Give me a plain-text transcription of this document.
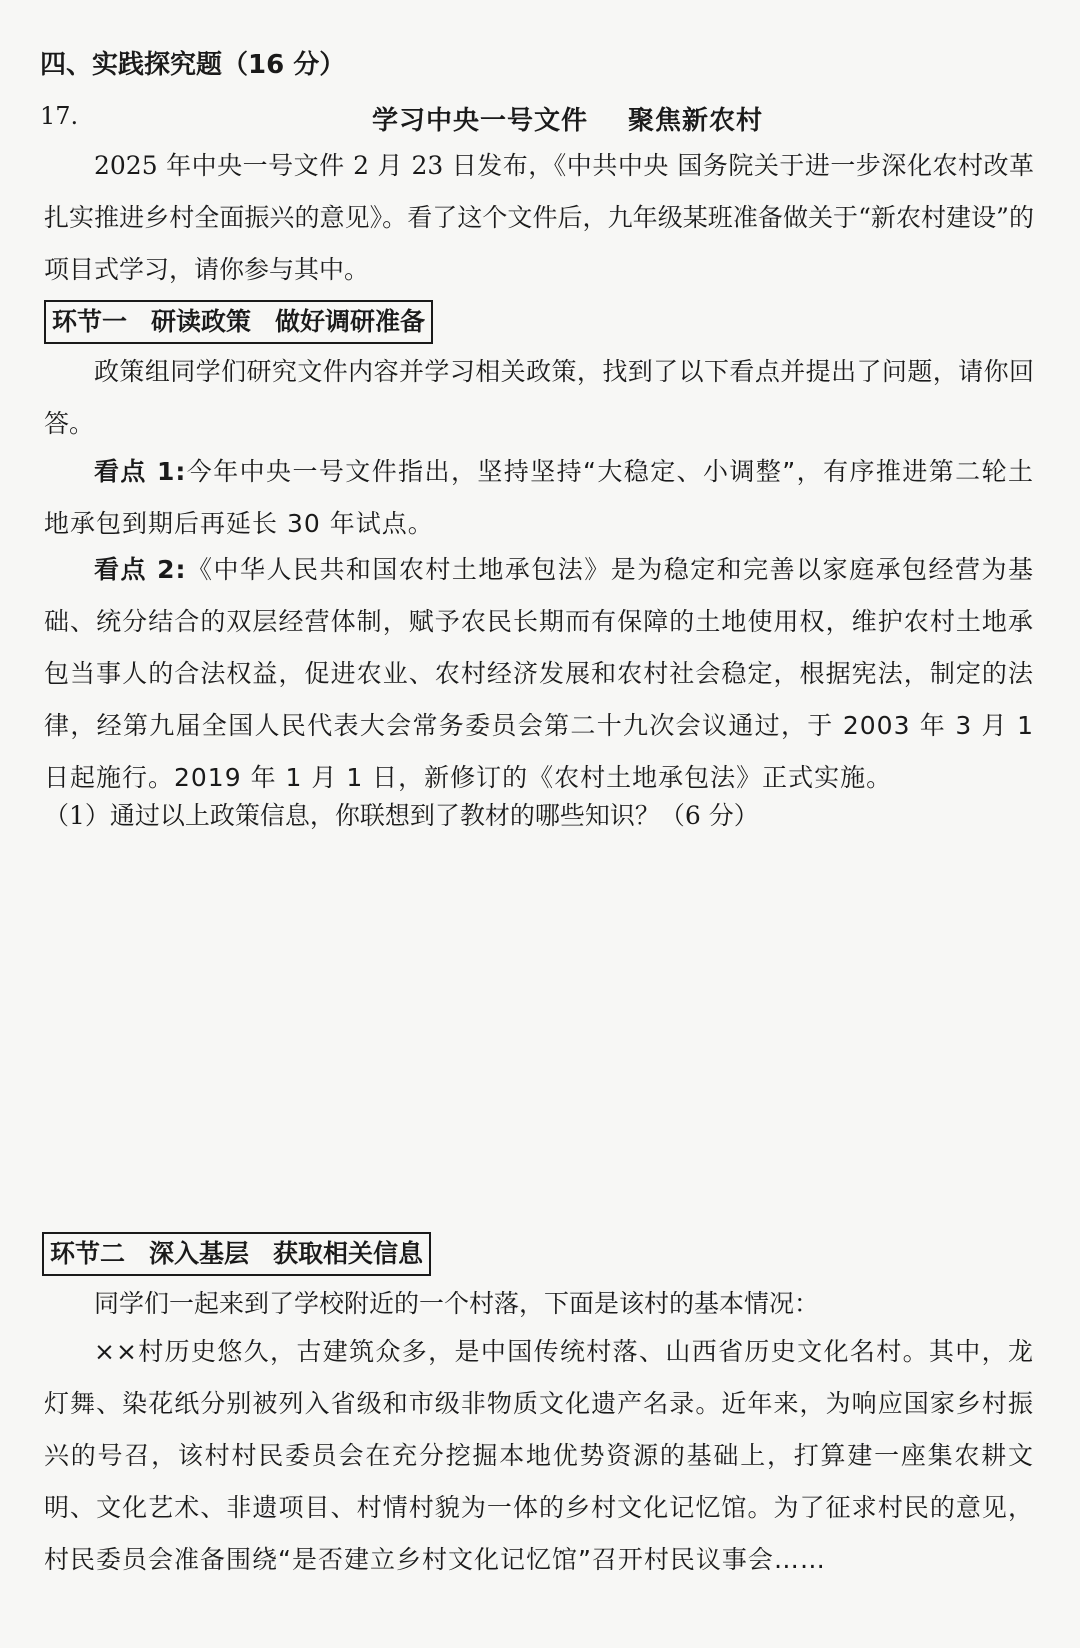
四、实践探究题（16 分）
17.	学习中央一号文件 聚焦新农村

2025 年中央一号文件 2 月 23 日发布，《中共中央 国务院关于进一步深化农村改革扎实推进乡村全面振兴的意见》。看了这个文件后，九年级某班准备做关于“新农村建设”的项目式学习，请你参与其中。

环节一 研读政策 做好调研准备

政策组同学们研究文件内容并学习相关政策，找到了以下看点并提出了问题，请你回答。

看点 1:今年中央一号文件指出，坚持坚持“大稳定、小调整”，有序推进第二轮土地承包到期后再延长 30 年试点。

看点 2:《中华人民共和国农村土地承包法》是为稳定和完善以家庭承包经营为基础、统分结合的双层经营体制，赋予农民长期而有保障的土地使用权，维护农村土地承包当事人的合法权益，促进农业、农村经济发展和农村社会稳定，根据宪法，制定的法律，经第九届全国人民代表大会常务委员会第二十九次会议通过，于 2003 年 3 月 1 日起施行。2019 年 1 月 1 日，新修订的《农村土地承包法》正式实施。

（1）通过以上政策信息，你联想到了教材的哪些知识？（6 分）

环节二 深入基层 获取相关信息

同学们一起来到了学校附近的一个村落，下面是该村的基本情况：

××村历史悠久，古建筑众多，是中国传统村落、山西省历史文化名村。其中，龙灯舞、染花纸分别被列入省级和市级非物质文化遗产名录。近年来，为响应国家乡村振兴的号召，该村村民委员会在充分挖掘本地优势资源的基础上，打算建一座集农耕文明、文化艺术、非遗项目、村情村貌为一体的乡村文化记忆馆。为了征求村民的意见，村民委员会准备围绕“是否建立乡村文化记忆馆”召开村民议事会……
